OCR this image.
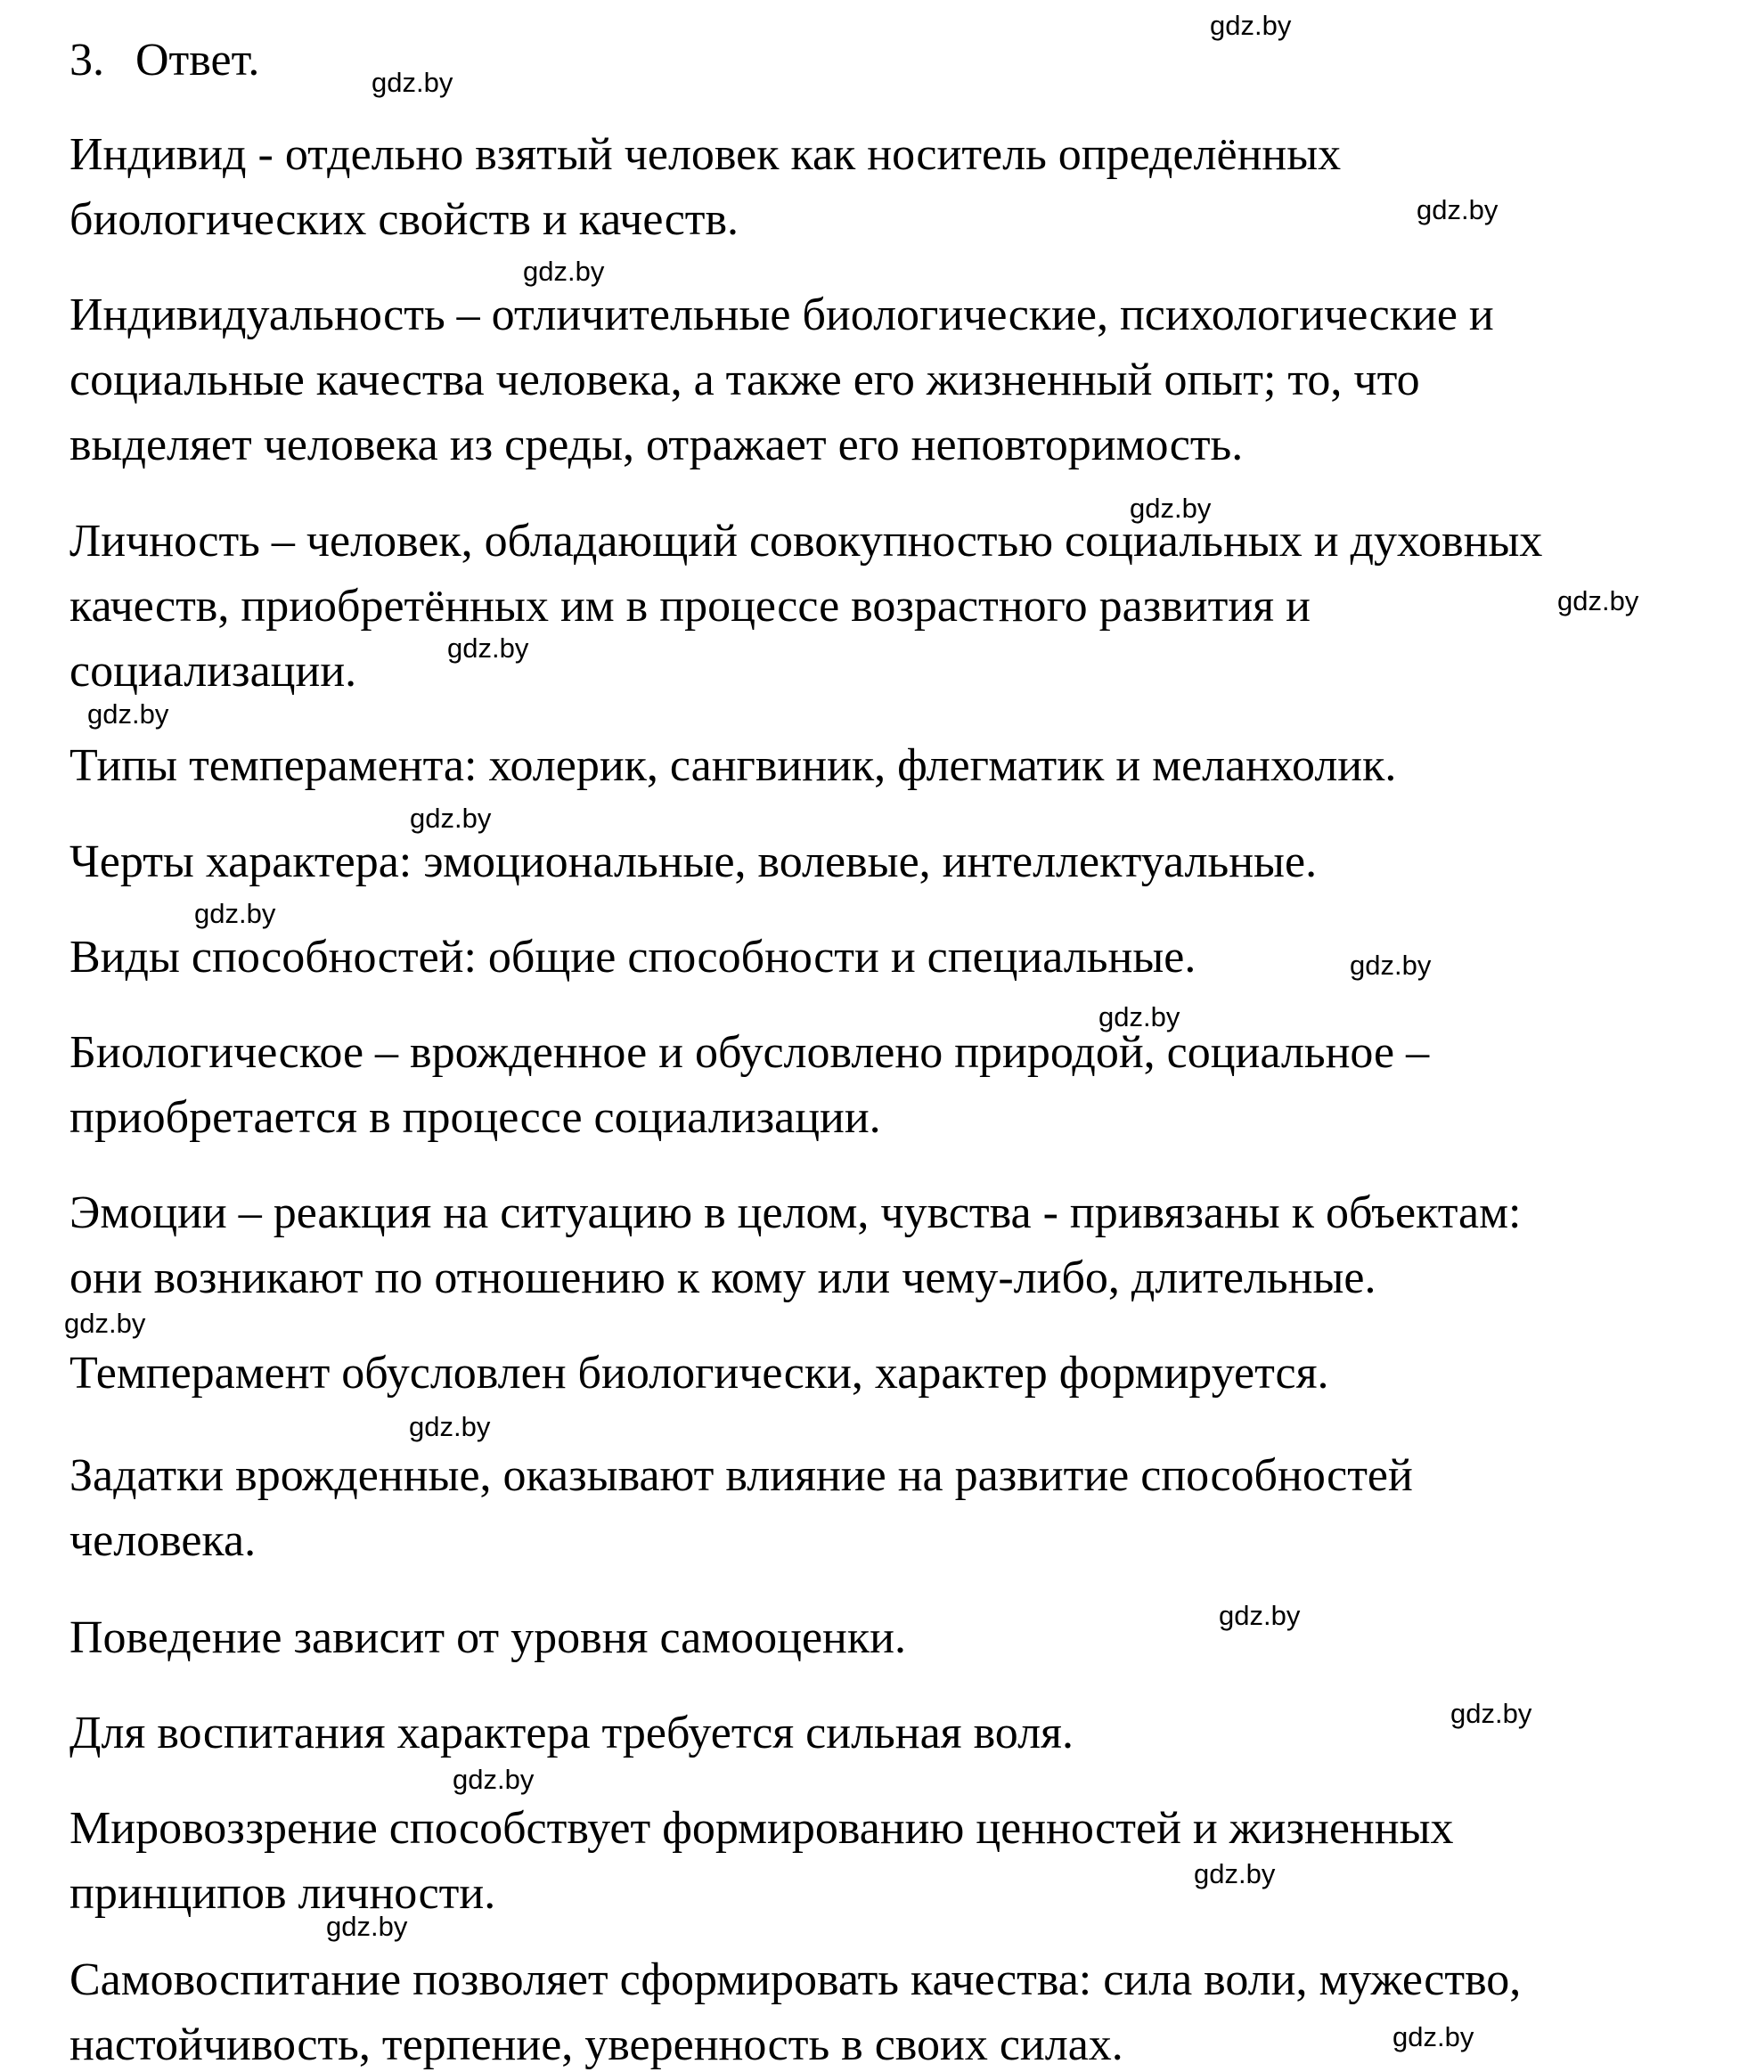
3. Ответ.

Индивид - отдельно взятый человек как носитель определённых

биологических свойств и качеств.

Индивидуальность – отличительные биологические, психологические и

социальные качества человека, а также его жизненный опыт; то, что

выделяет человека из среды, отражает его неповторимость.

Личность – человек, обладающий совокупностью социальных и духовных

качеств, приобретённых им в процессе возрастного развития и

социализации.

Типы темперамента: холерик, сангвиник, флегматик и меланхолик.

Черты характера: эмоциональные, волевые, интеллектуальные.

Виды способностей: общие способности и специальные.

Биологическое – врожденное и обусловлено природой, социальное –

приобретается в процессе социализации.

Эмоции – реакция на ситуацию в целом, чувства - привязаны к объектам:

они возникают по отношению к кому или чему-либо, длительные.

Темперамент обусловлен биологически, характер формируется.

Задатки врожденные, оказывают влияние на развитие способностей

человека.

Поведение зависит от уровня самооценки.

Для воспитания характера требуется сильная воля.

Мировоззрение способствует формированию ценностей и жизненных

принципов личности.

Самовоспитание позволяет сформировать качества: сила воли, мужество,

настойчивость, терпение, уверенность в своих силах.

gdz.by
gdz.by
gdz.by
gdz.by
gdz.by
gdz.by
gdz.by
gdz.by
gdz.by
gdz.by
gdz.by
gdz.by
gdz.by
gdz.by
gdz.by
gdz.by
gdz.by
gdz.by
gdz.by
gdz.by
